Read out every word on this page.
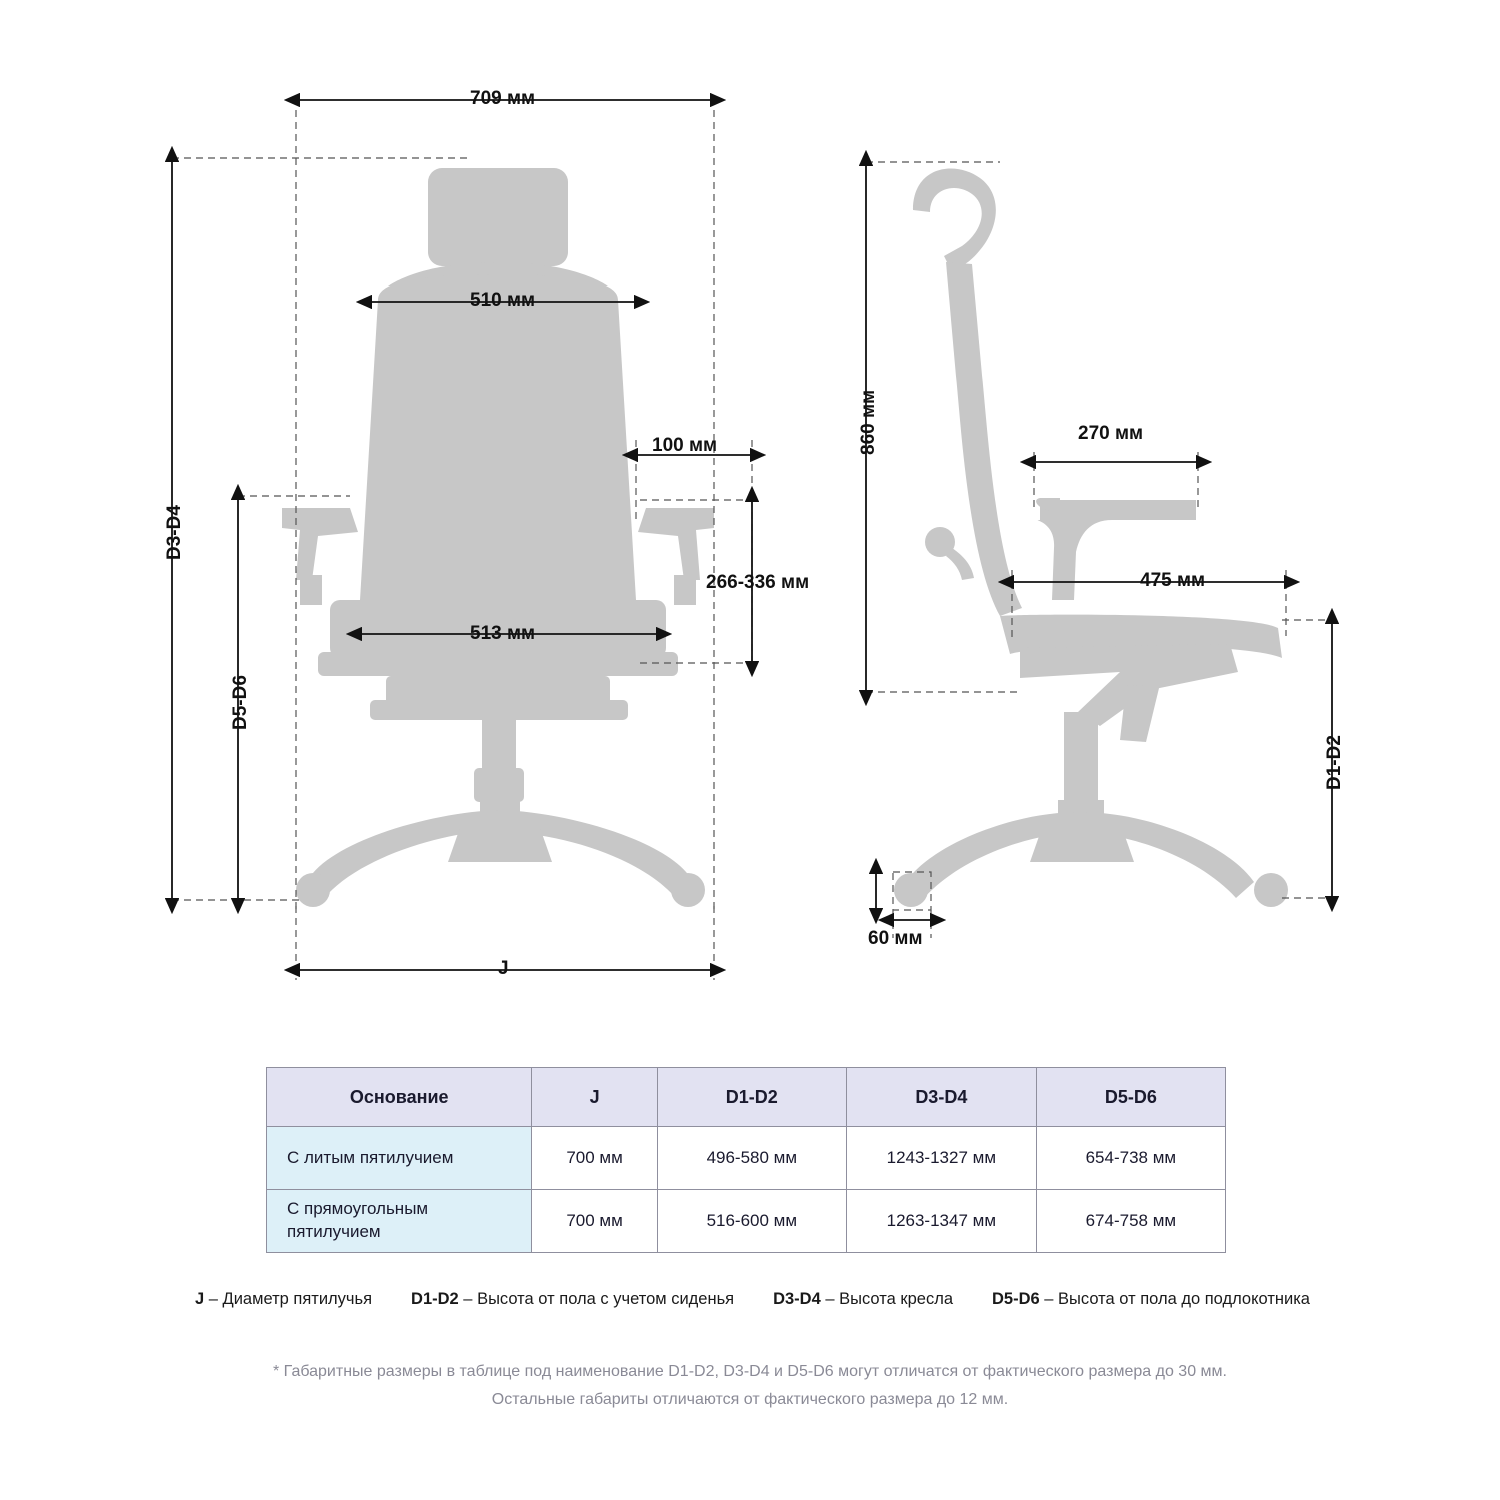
709 мм
510 мм
100 мм
266-336 мм
513 мм
D3-D4
D5-D6
J
860 мм	270 мм
475 мм
60 мм
D1-D2
Основание	J	D1-D2	D3-D4	D5-D6
С литым пятилучием	700 мм	496-580 мм	1243-1327 мм	654-738 мм
С прямоугольным пятилучием	700 мм	516-600 мм	1263-1347 мм	674-758 мм
J – Диаметр пятилучья D1-D2 – Высота от пола с учетом сиденья D3-D4 – Высота кресла D5-D6 – Высота от пола до подлокотника
* Габаритные размеры в таблице под наименование D1-D2, D3-D4 и D5-D6 могут отличатся от фактического размера до 30 мм.
Остальные габариты отличаются от фактического размера до 12 мм.
